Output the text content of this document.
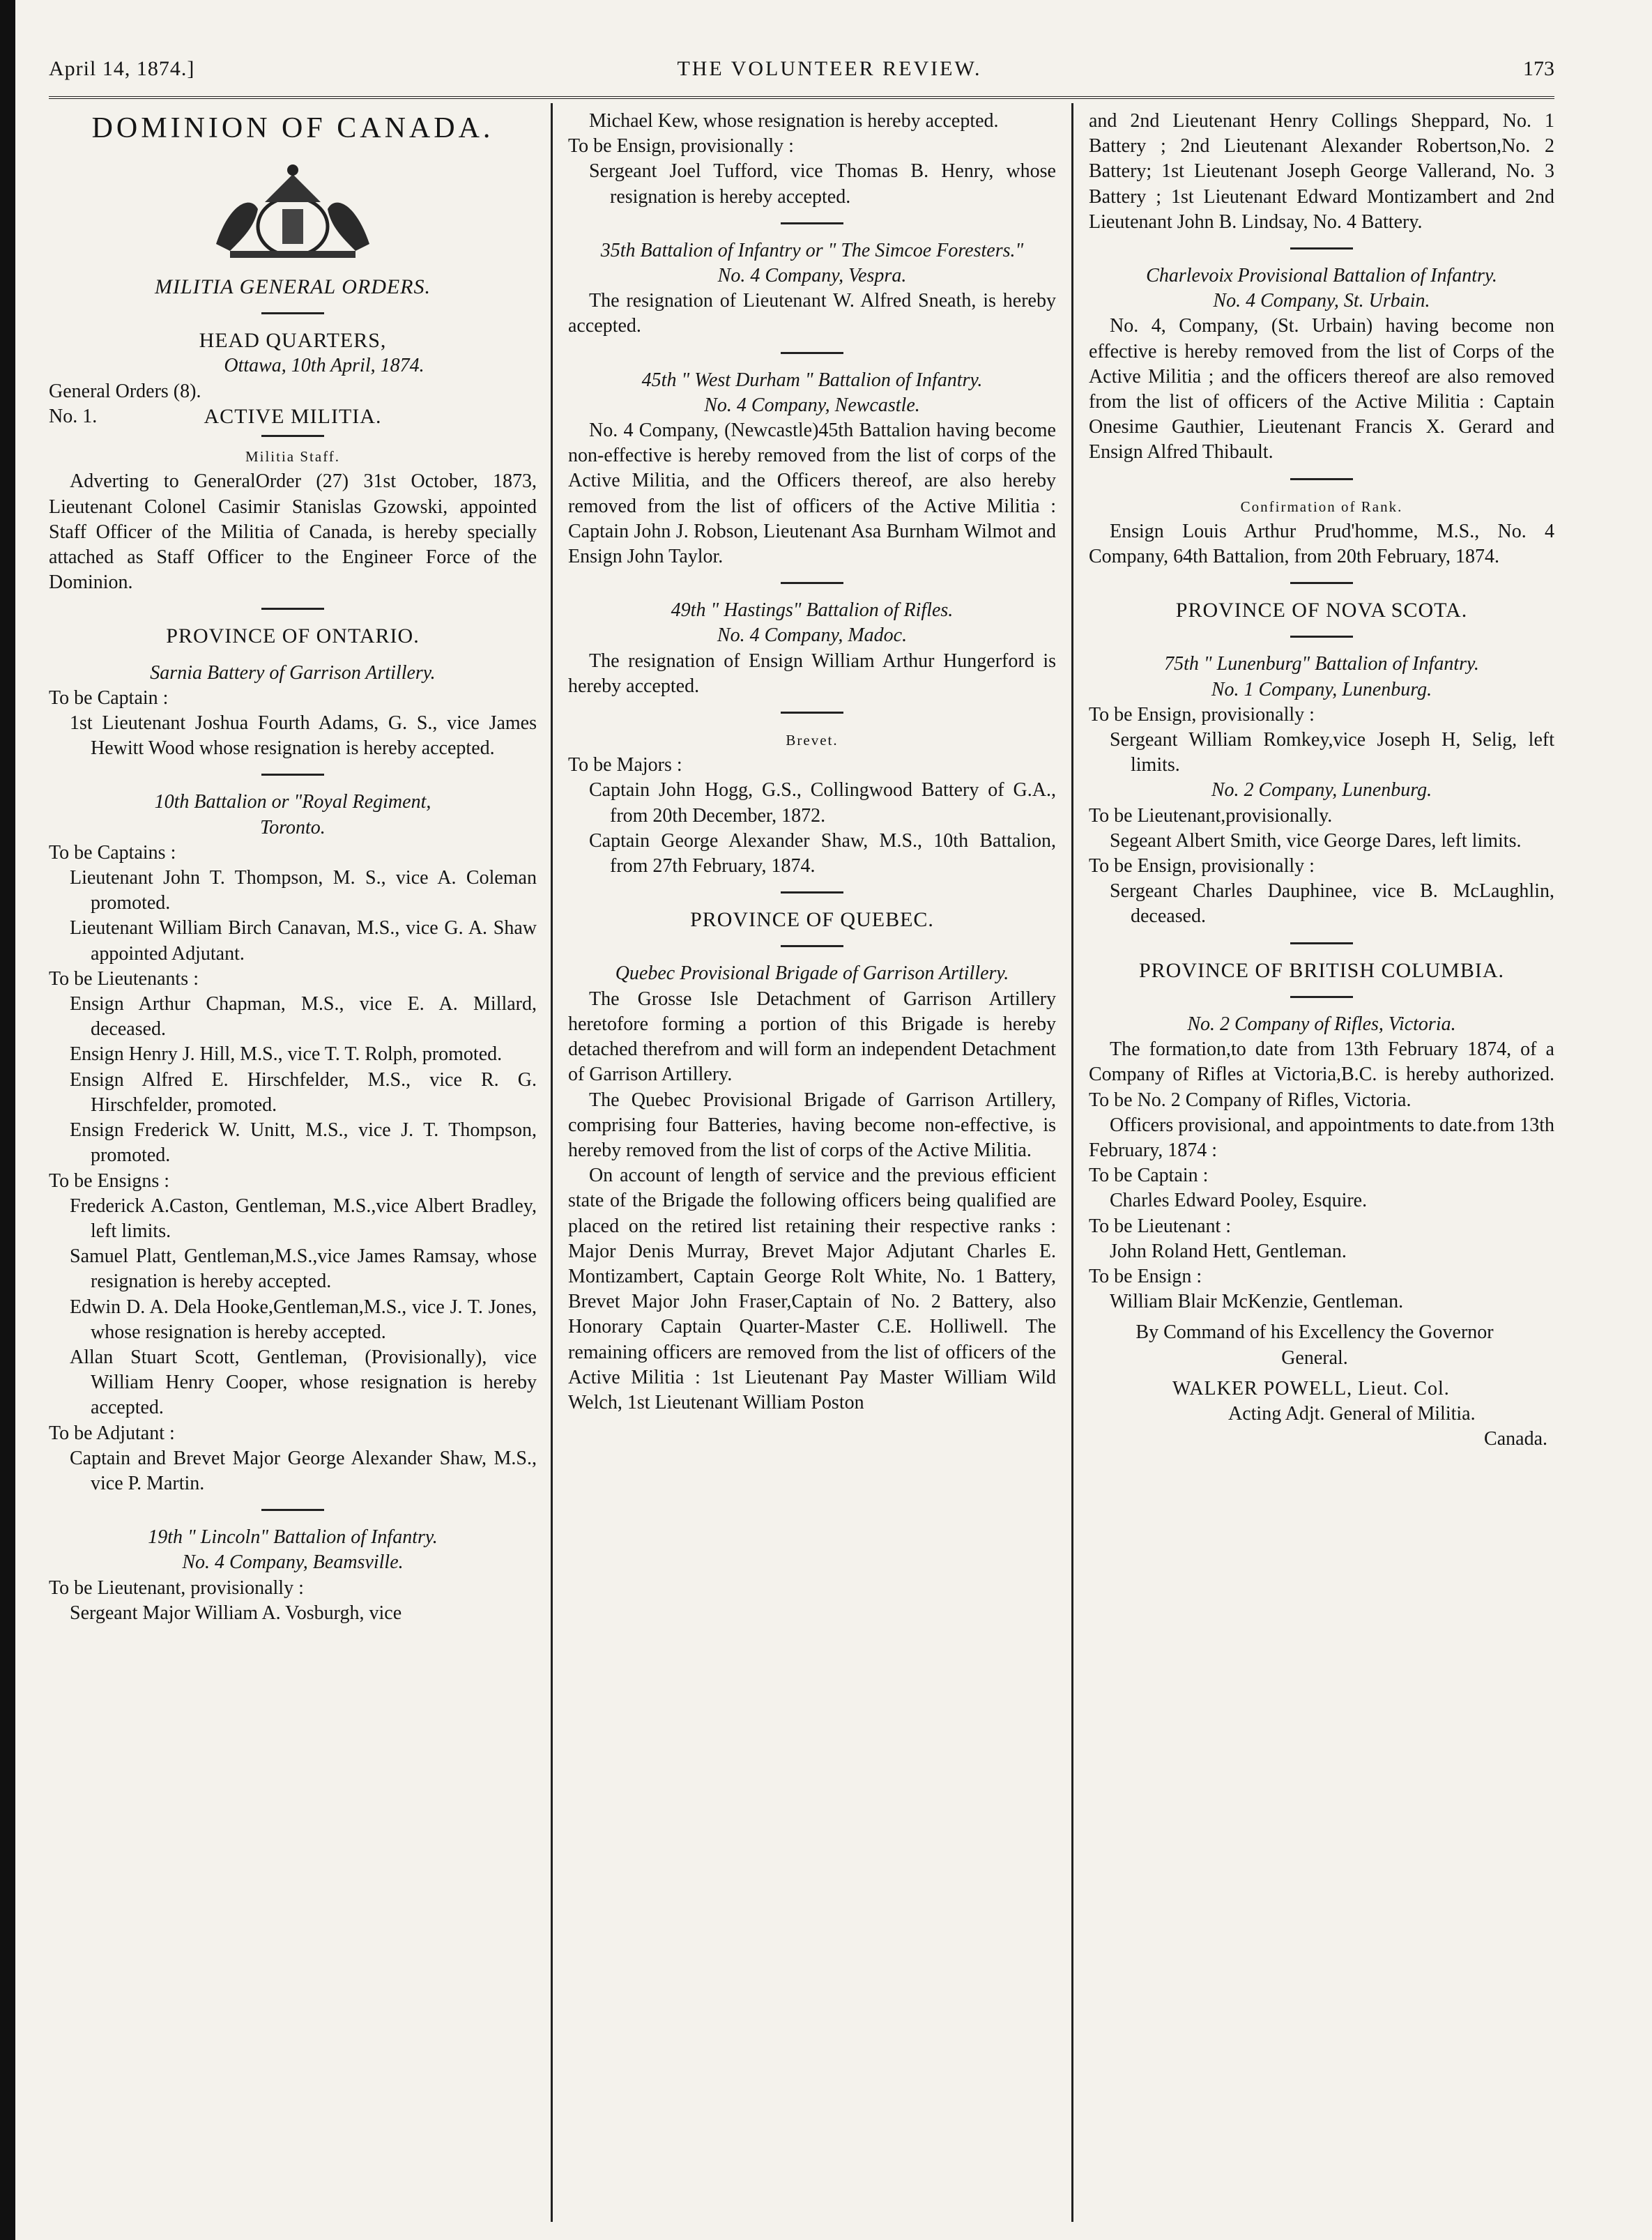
April 14, 1874.]	THE VOLUNTEER REVIEW.	173

DOMINION OF CANADA.

MILITIA GENERAL ORDERS.

HEAD QUARTERS,

Ottawa, 10th April, 1874.

General Orders (8).

No. 1.	ACTIVE MILITIA.

Militia Staff.

Adverting to GeneralOrder (27) 31st October, 1873, Lieutenant Colonel Casimir Stanislas Gzowski, appointed Staff Officer of the Militia of Canada, is hereby specially attached as Staff Officer to the Engineer Force of the Dominion.

PROVINCE OF ONTARIO.

Sarnia Battery of Garrison Artillery.

To be Captain :

1st Lieutenant Joshua Fourth Adams, G. S., vice James Hewitt Wood whose resignation is hereby accepted.

10th Battalion or "Royal Regiment,

Toronto.

To be Captains :

Lieutenant John T. Thompson, M. S., vice A. Coleman promoted.

Lieutenant William Birch Canavan, M.S., vice G. A. Shaw appointed Adjutant.

To be Lieutenants :

Ensign Arthur Chapman, M.S., vice E. A. Millard, deceased.

Ensign Henry J. Hill, M.S., vice T. T. Rolph, promoted.

Ensign Alfred E. Hirschfelder, M.S., vice R. G. Hirschfelder, promoted.

Ensign Frederick W. Unitt, M.S., vice J. T. Thompson, promoted.

To be Ensigns :

Frederick A.Caston, Gentleman, M.S.,vice Albert Bradley, left limits.

Samuel Platt, Gentleman,M.S.,vice James Ramsay, whose resignation is hereby accepted.

Edwin D. A. Dela Hooke,Gentleman,M.S., vice J. T. Jones, whose resignation is hereby accepted.

Allan Stuart Scott, Gentleman, (Provisionally), vice William Henry Cooper, whose resignation is hereby accepted.

To be Adjutant :

Captain and Brevet Major George Alexander Shaw, M.S., vice P. Martin.

19th " Lincoln" Battalion of Infantry.

No. 4 Company, Beamsville.

To be Lieutenant, provisionally :

Sergeant Major William A. Vosburgh, vice

Michael Kew, whose resignation is hereby accepted.

To be Ensign, provisionally :

Sergeant Joel Tufford, vice Thomas B. Henry, whose resignation is hereby accepted.

35th Battalion of Infantry or " The Simcoe Foresters."

No. 4 Company, Vespra.

The resignation of Lieutenant W. Alfred Sneath, is hereby accepted.

45th " West Durham " Battalion of Infantry.

No. 4 Company, Newcastle.

No. 4 Company, (Newcastle)45th Battalion having become non-effective is hereby removed from the list of corps of the Active Militia, and the Officers thereof, are also hereby removed from the list of officers of the Active Militia : Captain John J. Robson, Lieutenant Asa Burnham Wilmot and Ensign John Taylor.

49th " Hastings" Battalion of Rifles.

No. 4 Company, Madoc.

The resignation of Ensign William Arthur Hungerford is hereby accepted.

Brevet.

To be Majors :

Captain John Hogg, G.S., Collingwood Battery of G.A., from 20th December, 1872.

Captain George Alexander Shaw, M.S., 10th Battalion, from 27th February, 1874.

PROVINCE OF QUEBEC.

Quebec Provisional Brigade of Garrison Artillery.

The Grosse Isle Detachment of Garrison Artillery heretofore forming a portion of this Brigade is hereby detached therefrom and will form an independent Detachment of Garrison Artillery.

The Quebec Provisional Brigade of Garrison Artillery, comprising four Batteries, having become non-effective, is hereby removed from the list of corps of the Active Militia.

On account of length of service and the previous efficient state of the Brigade the following officers being qualified are placed on the retired list retaining their respective ranks : Major Denis Murray, Brevet Major Adjutant Charles E. Montizambert, Captain George Rolt White, No. 1 Battery, Brevet Major John Fraser,Captain of No. 2 Battery, also Honorary Captain Quarter-Master C.E. Holliwell. The remaining officers are removed from the list of officers of the Active Militia : 1st Lieutenant Pay Master William Wild Welch, 1st Lieutenant William Poston

and 2nd Lieutenant Henry Collings Sheppard, No. 1 Battery ; 2nd Lieutenant Alexander Robertson,No. 2 Battery; 1st Lieutenant Joseph George Vallerand, No. 3 Battery ; 1st Lieutenant Edward Montizambert and 2nd Lieutenant John B. Lindsay, No. 4 Battery.

Charlevoix Provisional Battalion of Infantry.

No. 4 Company, St. Urbain.

No. 4, Company, (St. Urbain) having become non effective is hereby removed from the list of Corps of the Active Militia ; and the officers thereof are also removed from the list of officers of the Active Militia : Captain Onesime Gauthier, Lieutenant Francis X. Gerard and Ensign Alfred Thibault.

Confirmation of Rank.

Ensign Louis Arthur Prud'homme, M.S., No. 4 Company, 64th Battalion, from 20th February, 1874.

PROVINCE OF NOVA SCOTA.

75th " Lunenburg" Battalion of Infantry.

No. 1 Company, Lunenburg.

To be Ensign, provisionally :

Sergeant William Romkey,vice Joseph H, Selig, left limits.

No. 2 Company, Lunenburg.

To be Lieutenant,provisionally.

Segeant Albert Smith, vice George Dares, left limits.

To be Ensign, provisionally :

Sergeant Charles Dauphinee, vice B. McLaughlin, deceased.

PROVINCE OF BRITISH COLUMBIA.

No. 2 Company of Rifles, Victoria.

The formation,to date from 13th February 1874, of a Company of Rifles at Victoria,B.C. is hereby authorized. To be No. 2 Company of Rifles, Victoria.

Officers provisional, and appointments to date.from 13th February, 1874 :

To be Captain :

Charles Edward Pooley, Esquire.

To be Lieutenant :

John Roland Hett, Gentleman.

To be Ensign :

William Blair McKenzie, Gentleman.

By Command of his Excellency the Governor General.

WALKER POWELL, Lieut. Col.

Acting Adjt. General of Militia.

Canada.
